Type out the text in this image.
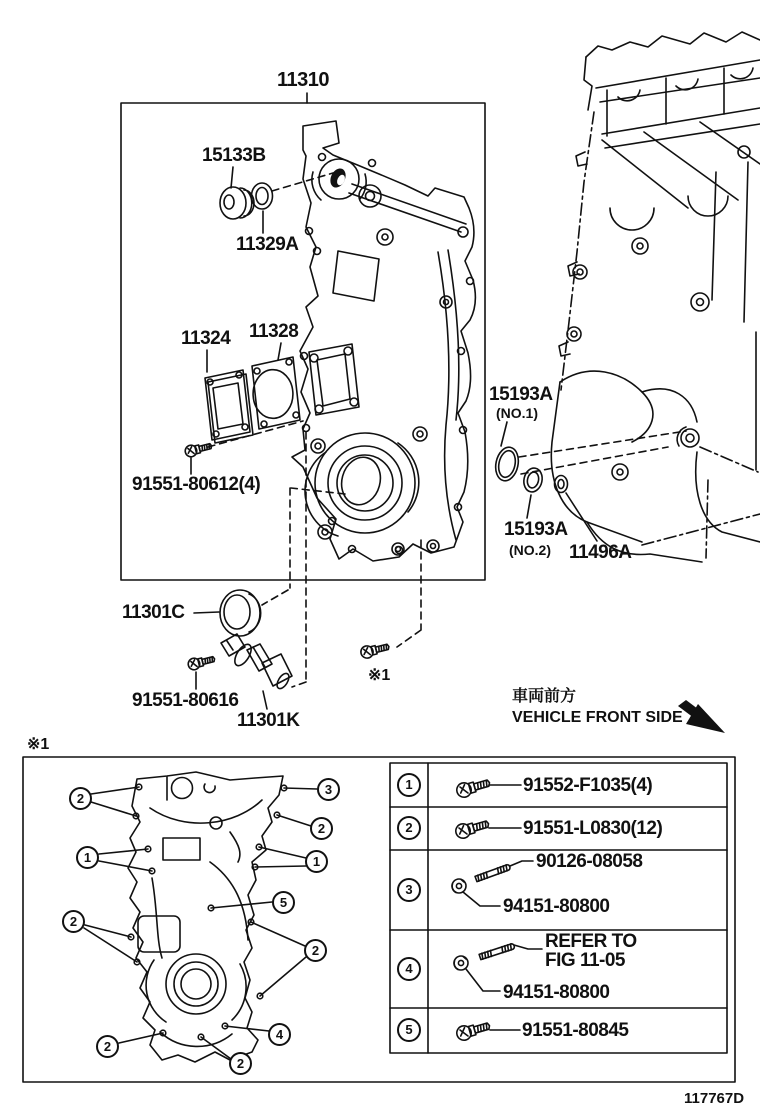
11310
15133B
11329A
11324 11328
91551-80612(4)
15193A
(NO.1)
15193A
(NO.2) 11496A
11301C
91551-80616
11301K
※1
※1
車両前方
VEHICLE FRONT SIDE
117767D
91552-F1035(4)
91551-L0830(12)
90126-08058
94151-80800
REFER TO
FIG 11-05
94151-80800
91551-80845
1
2
3
4
5
2
3
2
1	1
5
2
2
2
2
4
